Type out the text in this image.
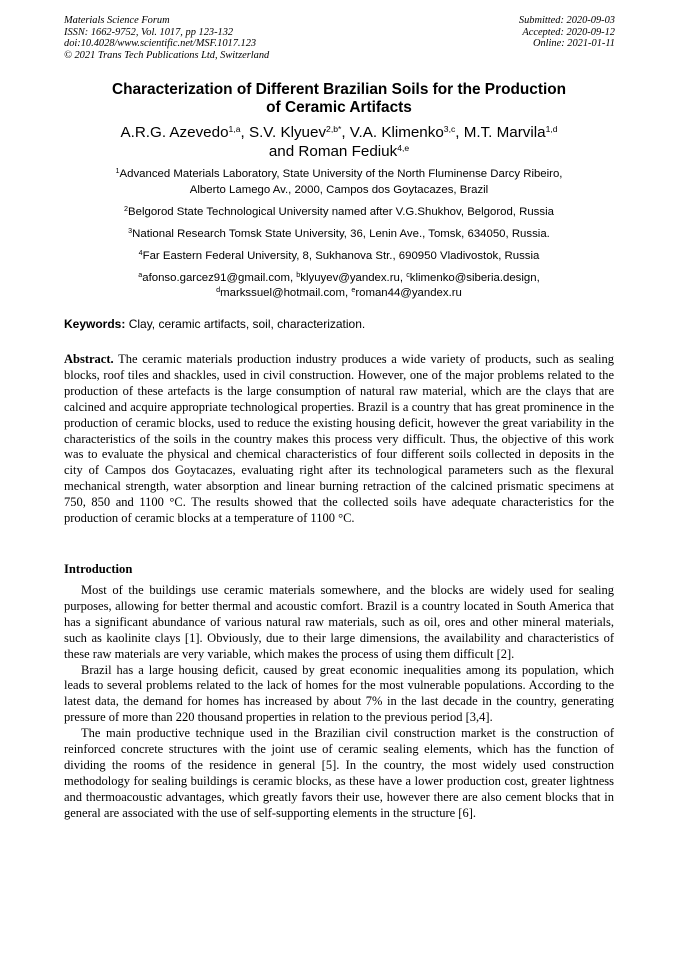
Materials Science Forum
ISSN: 1662-9752, Vol. 1017, pp 123-132
doi:10.4028/www.scientific.net/MSF.1017.123
© 2021 Trans Tech Publications Ltd, Switzerland
Submitted: 2020-09-03
Accepted: 2020-09-12
Online: 2021-01-11
Characterization of Different Brazilian Soils for the Production
of Ceramic Artifacts
A.R.G. Azevedo$^{1,a}$, S.V. Klyuev$^{2,b*}$, V.A. Klimenko$^{3,c}$, M.T. Marvila$^{1,d}$
and Roman Fediuk$^{4,e}$
$^1$Advanced Materials Laboratory, State University of the North Fluminense Darcy Ribeiro,
Alberto Lamego Av., 2000, Campos dos Goytacazes, Brazil
$^2$Belgorod State Technological University named after V.G.Shukhov, Belgorod, Russia
$^3$National Research Tomsk State University, 36, Lenin Ave., Tomsk, 634050, Russia.
$^4$Far Eastern Federal University, 8, Sukhanova Str., 690950 Vladivostok, Russia
$^a$afonso.garcez91@gmail.com, $^b$klyuyev@yandex.ru, $^c$klimenko@siberia.design,
$^d$markssuel@hotmail.com, $^e$roman44@yandex.ru
Keywords: Clay, ceramic artifacts, soil, characterization.
Abstract. The ceramic materials production industry produces a wide variety of products, such as sealing blocks, roof tiles and shackles, used in civil construction. However, one of the major problems related to the production of these artefacts is the large consumption of natural raw material, which are the clays that are calcined and acquire appropriate technological properties. Brazil is a country that has great prominence in the production of ceramic blocks, used to reduce the existing housing deficit, however the great variability in the characteristics of the soils in the country makes this process very difficult. Thus, the objective of this work was to evaluate the physical and chemical characteristics of four different soils collected in deposits in the city of Campos dos Goytacazes, evaluating right after its technological parameters such as the flexural mechanical strength, water absorption and linear burning retraction of the calcined prismatic specimens at 750, 850 and 1100 °C. The results showed that the collected soils have adequate characteristics for the production of ceramic blocks at a temperature of 1100 °C.
Introduction

Most of the buildings use ceramic materials somewhere, and the blocks are widely used for sealing purposes, allowing for better thermal and acoustic comfort. Brazil is a country located in South America that has a significant abundance of various natural raw materials, such as oil, ores and other mineral materials, such as kaolinite clays [1]. Obviously, due to their large dimensions, the availability and characteristics of these raw materials are very variable, which makes the process of using them difficult [2].

Brazil has a large housing deficit, caused by great economic inequalities among its population, which leads to several problems related to the lack of homes for the most vulnerable populations. According to the latest data, the demand for homes has increased by about 7% in the last decade in the country, generating pressure of more than 220 thousand properties in relation to the previous period [3,4].

The main productive technique used in the Brazilian civil construction market is the construction of reinforced concrete structures with the joint use of ceramic sealing elements, which has the function of dividing the rooms of the residence in general [5]. In the country, the most widely used construction methodology for sealing buildings is ceramic blocks, as these have a lower production cost, greater lightness and thermoacoustic advantages, which greatly favors their use, however there are also cement blocks that in general are associated with the use of self-supporting elements in the structure [6].
